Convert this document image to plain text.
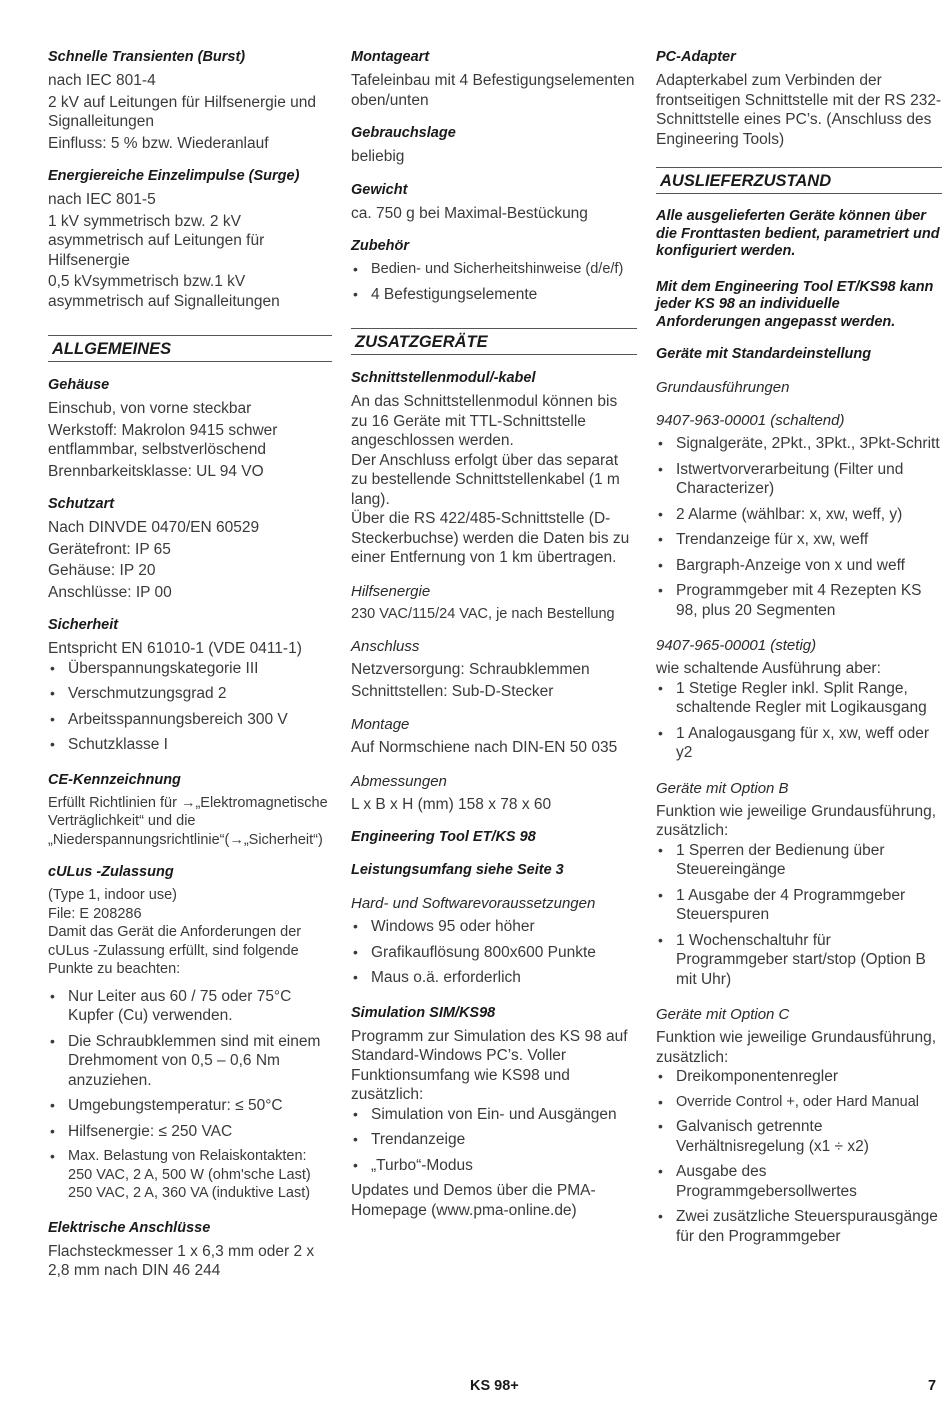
Schnelle Transienten (Burst)
nach IEC 801-4
2 kV auf Leitungen für Hilfsenergie und Signalleitungen
Einfluss: 5 % bzw. Wiederanlauf
Energiereiche Einzelimpulse (Surge)
nach IEC 801-5
1 kV symmetrisch bzw. 2 kV asymmetrisch auf Leitungen für Hilfsenergie
0,5 kVsymmetrisch bzw.1 kV asymmetrisch auf Signalleitungen
ALLGEMEINES
Gehäuse
Einschub, von vorne steckbar
Werkstoff: Makrolon 9415 schwer entflammbar, selbstverlöschend
Brennbarkeitsklasse: UL 94 VO
Schutzart
Nach DINVDE 0470/EN 60529
Gerätefront: IP 65
Gehäuse: IP 20
Anschlüsse: IP 00
Sicherheit
Entspricht EN 61010-1 (VDE 0411-1)
• Überspannungskategorie III
• Verschmutzungsgrad 2
• Arbeitsspannungsbereich 300 V
• Schutzklasse I
CE-Kennzeichnung
Erfüllt Richtlinien für →„Elektromagnetische Verträglichkeit“ und die „Niederspannungsrichtlinie“(→„Sicherheit“)
cULus -Zulassung
(Type 1, indoor use)
File: E 208286
Damit das Gerät die Anforderungen der cULus -Zulassung erfüllt, sind folgende Punkte zu beachten:
• Nur Leiter aus 60 / 75 oder 75°C Kupfer (Cu) verwenden.
• Die Schraubklemmen sind mit einem Drehmoment von 0,5 – 0,6 Nm anzuziehen.
• Umgebungstemperatur: ≤ 50°C
• Hilfsenergie: ≤ 250 VAC
• Max. Belastung von Relaiskontakten: 250 VAC, 2 A, 500 W (ohm'sche Last) 250 VAC, 2 A, 360 VA (induktive Last)
Elektrische Anschlüsse
Flachsteckmesser 1 x 6,3 mm oder 2 x 2,8 mm nach DIN 46 244
Montageart
Tafeleinbau mit 4 Befestigungselementen oben/unten
Gebrauchslage
beliebig
Gewicht
ca. 750 g bei Maximal-Bestückung
Zubehör
• Bedien- und Sicherheitshinweise (d/e/f)
• 4 Befestigungselemente
ZUSATZGERÄTE
Schnittstellenmodul/-kabel
An das Schnittstellenmodul können bis zu 16 Geräte mit TTL-Schnittstelle angeschlossen werden.
Der Anschluss erfolgt über das separat zu bestellende Schnittstellenkabel (1 m lang).
Über die RS 422/485-Schnittstelle (D-Steckerbuchse) werden die Daten bis zu einer Entfernung von 1 km übertragen.
Hilfsenergie
230 VAC/115/24 VAC, je nach Bestellung
Anschluss
Netzversorgung: Schraubklemmen
Schnittstellen: Sub-D-Stecker
Montage
Auf Normschiene nach DIN-EN 50 035
Abmessungen
L x B x H (mm) 158 x 78 x 60
Engineering Tool ET/KS 98
Leistungsumfang siehe Seite 3
Hard- und Softwarevoraussetzungen
• Windows 95 oder höher
• Grafikauflösung 800x600 Punkte
• Maus o.ä. erforderlich
Simulation SIM/KS98
Programm zur Simulation des KS 98 auf Standard-Windows PC’s. Voller Funktionsumfang wie KS98 und zusätzlich:
• Simulation von Ein- und Ausgängen
• Trendanzeige
• „Turbo“-Modus
Updates und Demos über die PMA-Homepage (www.pma-online.de)
PC-Adapter
Adapterkabel zum Verbinden der frontseitigen Schnittstelle mit der RS 232-Schnittstelle eines PC’s. (Anschluss des Engineering Tools)
AUSLIEFERZUSTAND
Alle ausgelieferten Geräte können über die Fronttasten bedient, parametriert und konfiguriert werden.
Mit dem Engineering Tool ET/KS98 kann jeder KS 98 an individuelle Anforderungen angepasst werden.
Geräte mit Standardeinstellung
Grundausführungen
9407-963-00001 (schaltend)
• Signalgeräte, 2Pkt., 3Pkt., 3Pkt-Schritt
• Istwertvorverarbeitung (Filter und Characterizer)
• 2 Alarme (wählbar: x, xw, weff, y)
• Trendanzeige für x, xw, weff
• Bargraph-Anzeige von x und weff
• Programmgeber mit 4 Rezepten KS 98, plus 20 Segmenten
9407-965-00001 (stetig)
wie schaltende Ausführung aber:
• 1 Stetige Regler inkl. Split Range, schaltende Regler mit Logikausgang
• 1 Analogausgang für x, xw, weff oder y2
Geräte mit Option B
Funktion wie jeweilige Grundausführung, zusätzlich:
• 1 Sperren der Bedienung über Steuereingänge
• 1 Ausgabe der 4 Programmgeber Steuerspuren
• 1 Wochenschaltuhr für Programmgeber start/stop (Option B mit Uhr)
Geräte mit Option C
Funktion wie jeweilige Grundausführung, zusätzlich:
• Dreikomponentenregler
• Override Control +, oder Hard Manual
• Galvanisch getrennte Verhältnisregelung (x1 ÷ x2)
• Ausgabe des Programmgebersollwertes
• Zwei zusätzliche Steuerspurausgänge für den Programmgeber
KS 98+	7
